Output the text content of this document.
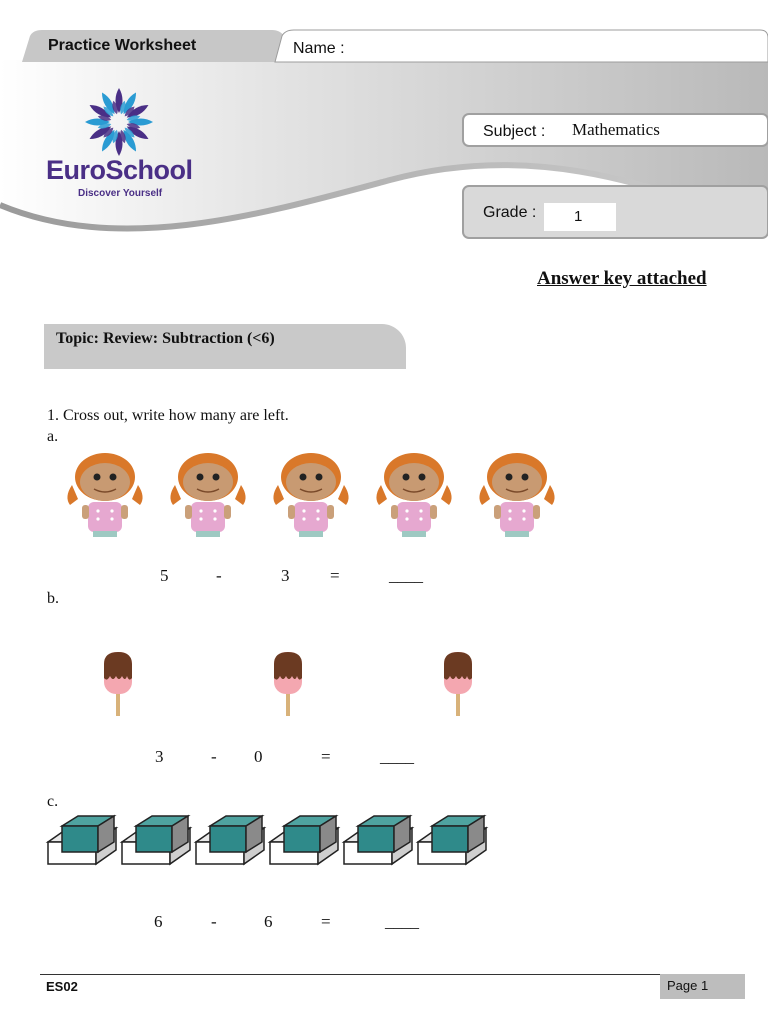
Practice Worksheet	Name :
EuroSchool
Discover Yourself
Subject : Mathematics
Grade :	1
Answer key attached
Topic: Review: Subtraction (<6)
1. Cross out, write how many are left.
a.
5	-	3 =	____
b.
3	- 0	=	____
c.
6	-	6	=	____
ES02	Page 1
